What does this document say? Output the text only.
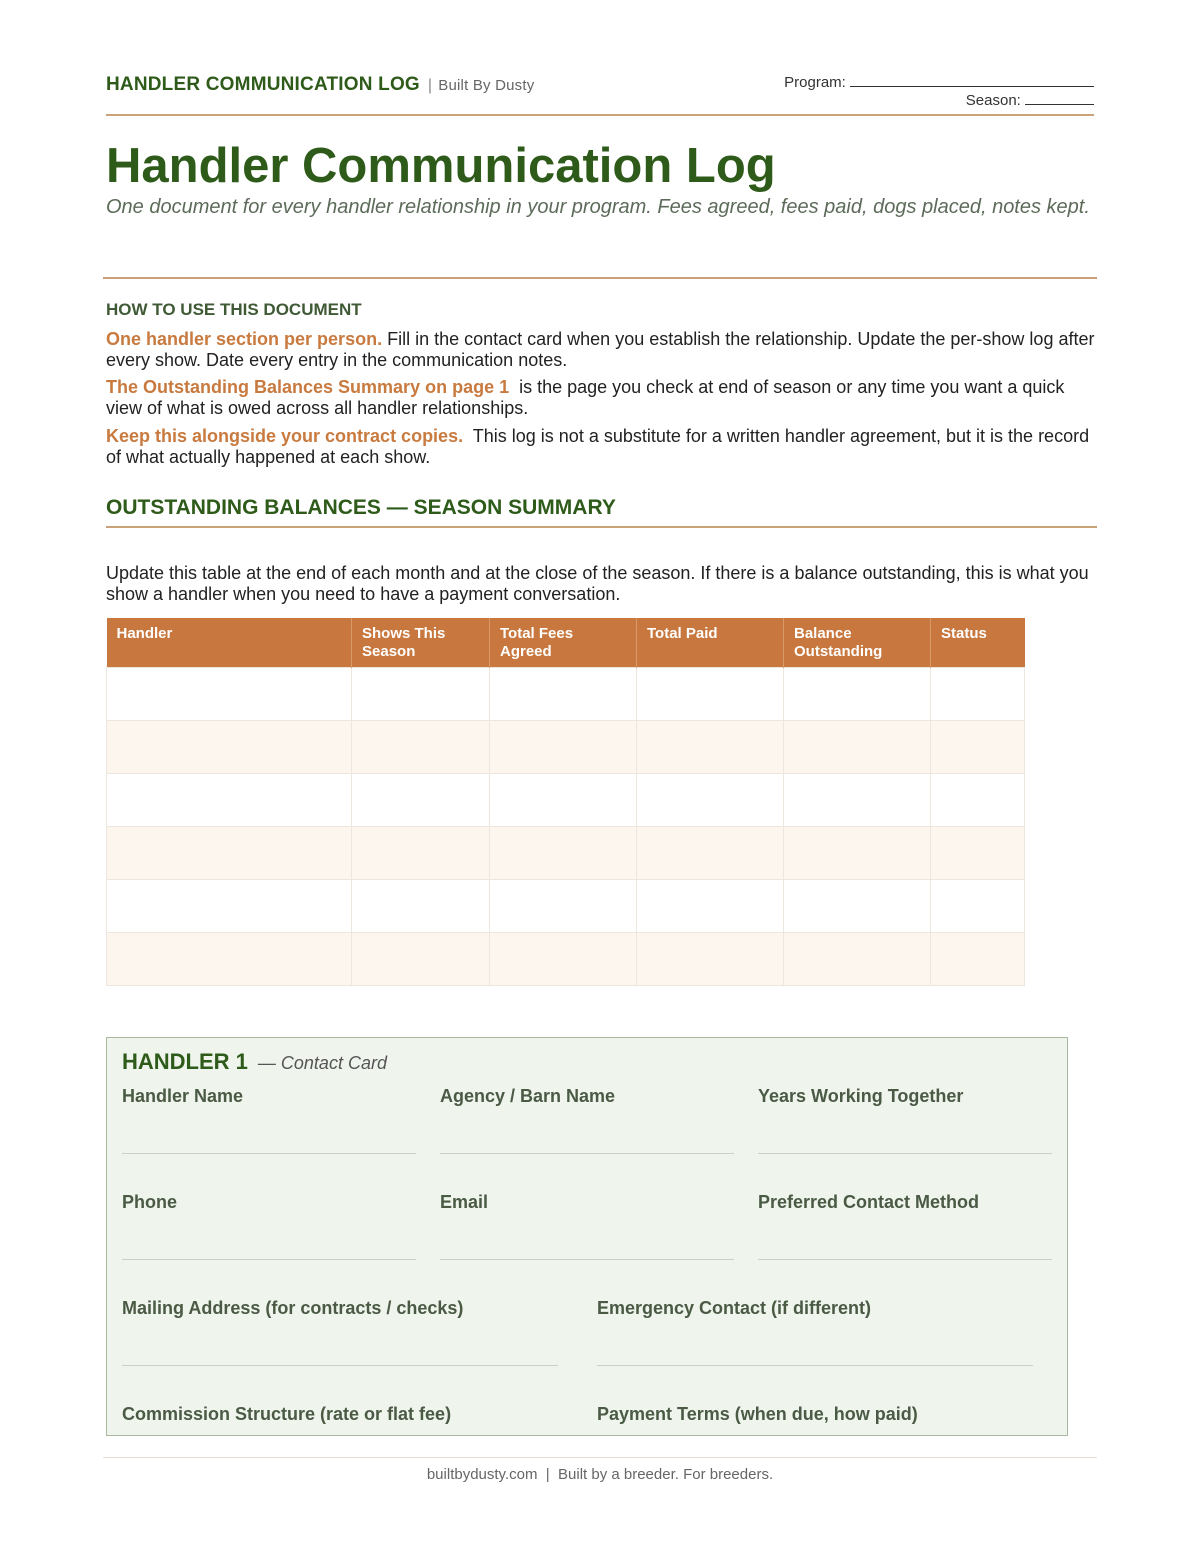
HANDLER COMMUNICATION LOG | Built By Dusty	Program:
Season:
Handler Communication Log
One document for every handler relationship in your program. Fees agreed, fees paid, dogs placed, notes kept.
HOW TO USE THIS DOCUMENT
One handler section per person. Fill in the contact card when you establish the relationship. Update the per-show log after every show. Date every entry in the communication notes.
The Outstanding Balances Summary on page 1  is the page you check at end of season or any time you want a quick view of what is owed across all handler relationships.
Keep this alongside your contract copies.  This log is not a substitute for a written handler agreement, but it is the record of what actually happened at each show.
OUTSTANDING BALANCES — SEASON SUMMARY
Update this table at the end of each month and at the close of the season. If there is a balance outstanding, this is what you show a handler when you need to have a payment conversation.
Handler	Shows This Season	Total Fees Agreed	Total Paid	Balance Outstanding	Status

HANDLER 1 — Contact Card
Handler Name	Agency / Barn Name	Years Working Together
Phone	Email	Preferred Contact Method
Mailing Address (for contracts / checks)	Emergency Contact (if different)
Commission Structure (rate or flat fee)	Payment Terms (when due, how paid)
builtbydusty.com  |  Built by a breeder. For breeders.
